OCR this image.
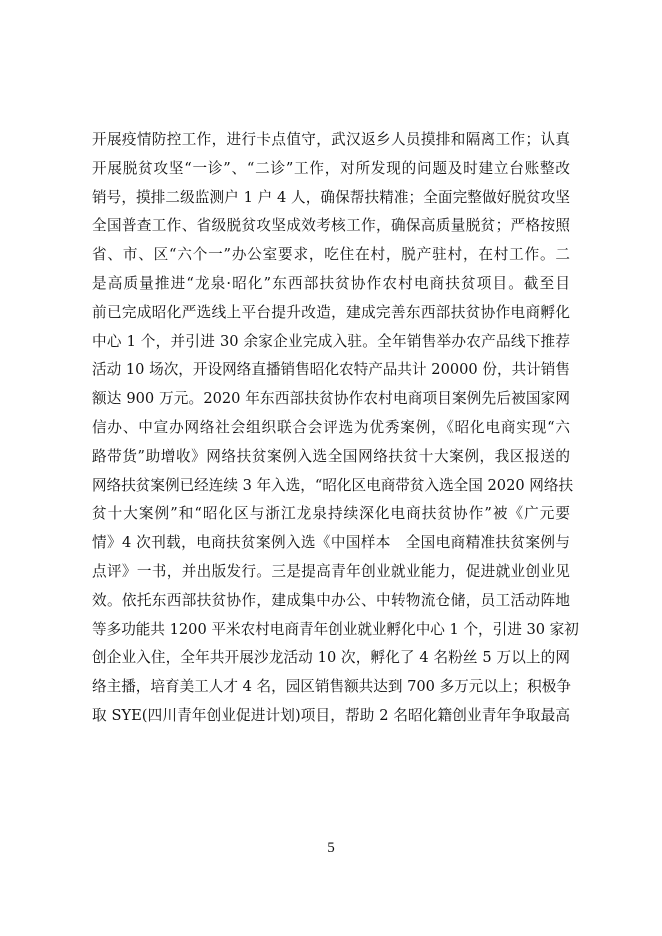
开展疫情防控工作，进行卡点值守，武汉返乡人员摸排和隔离工作；认真
开展脱贫攻坚“一诊”、“二诊”工作，对所发现的问题及时建立台账整改
销号，摸排二级监测户 1 户 4 人，确保帮扶精准；全面完整做好脱贫攻坚
全国普查工作、省级脱贫攻坚成效考核工作，确保高质量脱贫；严格按照
省、市、区“六个一”办公室要求，吃住在村，脱产驻村，在村工作。二
是高质量推进“龙泉·昭化”东西部扶贫协作农村电商扶贫项目。截至目
前已完成昭化严选线上平台提升改造，建成完善东西部扶贫协作电商孵化
中心 1 个，并引进 30 余家企业完成入驻。全年销售举办农产品线下推荐
活动 10 场次，开设网络直播销售昭化农特产品共计 20000 份，共计销售
额达 900 万元。2020 年东西部扶贫协作农村电商项目案例先后被国家网
信办、中宣办网络社会组织联合会评选为优秀案例，《昭化电商实现“六
路带货”助增收》网络扶贫案例入选全国网络扶贫十大案例，我区报送的
网络扶贫案例已经连续 3 年入选，“昭化区电商带贫入选全国 2020 网络扶
贫十大案例”和“昭化区与浙江龙泉持续深化电商扶贫协作”被《广元要
情》4 次刊载，电商扶贫案例入选《中国样本　全国电商精准扶贫案例与
点评》一书，并出版发行。三是提高青年创业就业能力，促进就业创业见
效。依托东西部扶贫协作，建成集中办公、中转物流仓储，员工活动阵地
等多功能共 1200 平米农村电商青年创业就业孵化中心 1 个，引进 30 家初
创企业入住，全年共开展沙龙活动 10 次，孵化了 4 名粉丝 5 万以上的网
络主播，培育美工人才 4 名，园区销售额共达到 700 多万元以上；积极争
取 SYE(四川青年创业促进计划)项目，帮助 2 名昭化籍创业青年争取最高
5
